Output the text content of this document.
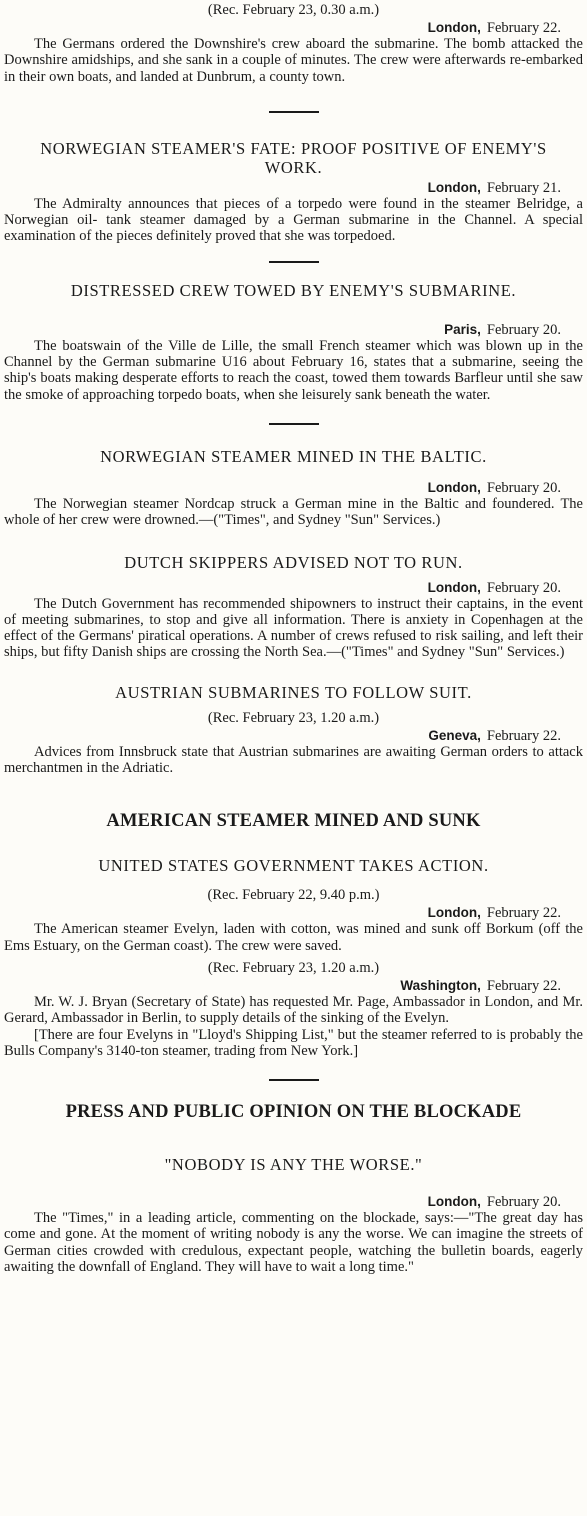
(Rec. February 23, 0.30 a.m.)

London, February 22.

The Germans ordered the Downshire's crew aboard the submarine. The bomb attacked the Downshire amidships, and she sank in a couple of minutes. The crew were afterwards re-embarked in their own boats, and landed at Dunbrum, a county town.

NORWEGIAN STEAMER'S FATE: PROOF POSITIVE OF ENEMY'S WORK.

London, February 21.

The Admiralty announces that pieces of a torpedo were found in the steamer Belridge, a Norwegian oil- tank steamer damaged by a German submarine in the Channel. A special examination of the pieces definitely proved that she was torpedoed.

DISTRESSED CREW TOWED BY ENEMY'S SUBMARINE.

Paris, February 20.

The boatswain of the Ville de Lille, the small French steamer which was blown up in the Channel by the German submarine U16 about February 16, states that a submarine, seeing the ship's boats making desperate efforts to reach the coast, towed them towards Barfleur until she saw the smoke of approaching torpedo boats, when she leisurely sank beneath the water.

NORWEGIAN STEAMER MINED IN THE BALTIC.

London, February 20.

The Norwegian steamer Nordcap struck a German mine in the Baltic and foundered. The whole of her crew were drowned.—("Times", and Sydney "Sun" Services.)

DUTCH SKIPPERS ADVISED NOT TO RUN.

London, February 20.

The Dutch Government has recommended shipowners to instruct their captains, in the event of meeting submarines, to stop and give all information. There is anxiety in Copenhagen at the effect of the Germans' piratical operations. A number of crews refused to risk sailing, and left their ships, but fifty Danish ships are crossing the North Sea.—("Times" and Sydney "Sun" Services.)

AUSTRIAN SUBMARINES TO FOLLOW SUIT.

(Rec. February 23, 1.20 a.m.)

Geneva, February 22.

Advices from Innsbruck state that Austrian submarines are awaiting German orders to attack merchantmen in the Adriatic.

AMERICAN STEAMER MINED AND SUNK
UNITED STATES GOVERNMENT TAKES ACTION.

(Rec. February 22, 9.40 p.m.)

London, February 22.

The American steamer Evelyn, laden with cotton, was mined and sunk off Borkum (off the Ems Estuary, on the German coast). The crew were saved.

(Rec. February 23, 1.20 a.m.)

Washington, February 22.

Mr. W. J. Bryan (Secretary of State) has requested Mr. Page, Ambassador in London, and Mr. Gerard, Ambassador in Berlin, to supply details of the sinking of the Evelyn.

[There are four Evelyns in "Lloyd's Shipping List," but the steamer referred to is probably the Bulls Company's 3140-ton steamer, trading from New York.]

PRESS AND PUBLIC OPINION ON THE BLOCKADE
"NOBODY IS ANY THE WORSE."

London, February 20.

The "Times," in a leading article, commenting on the blockade, says:—"The great day has come and gone. At the moment of writing nobody is any the worse. We can imagine the streets of German cities crowded with credulous, expectant people, watching the bulletin boards, eagerly awaiting the downfall of England. They will have to wait a long time."
